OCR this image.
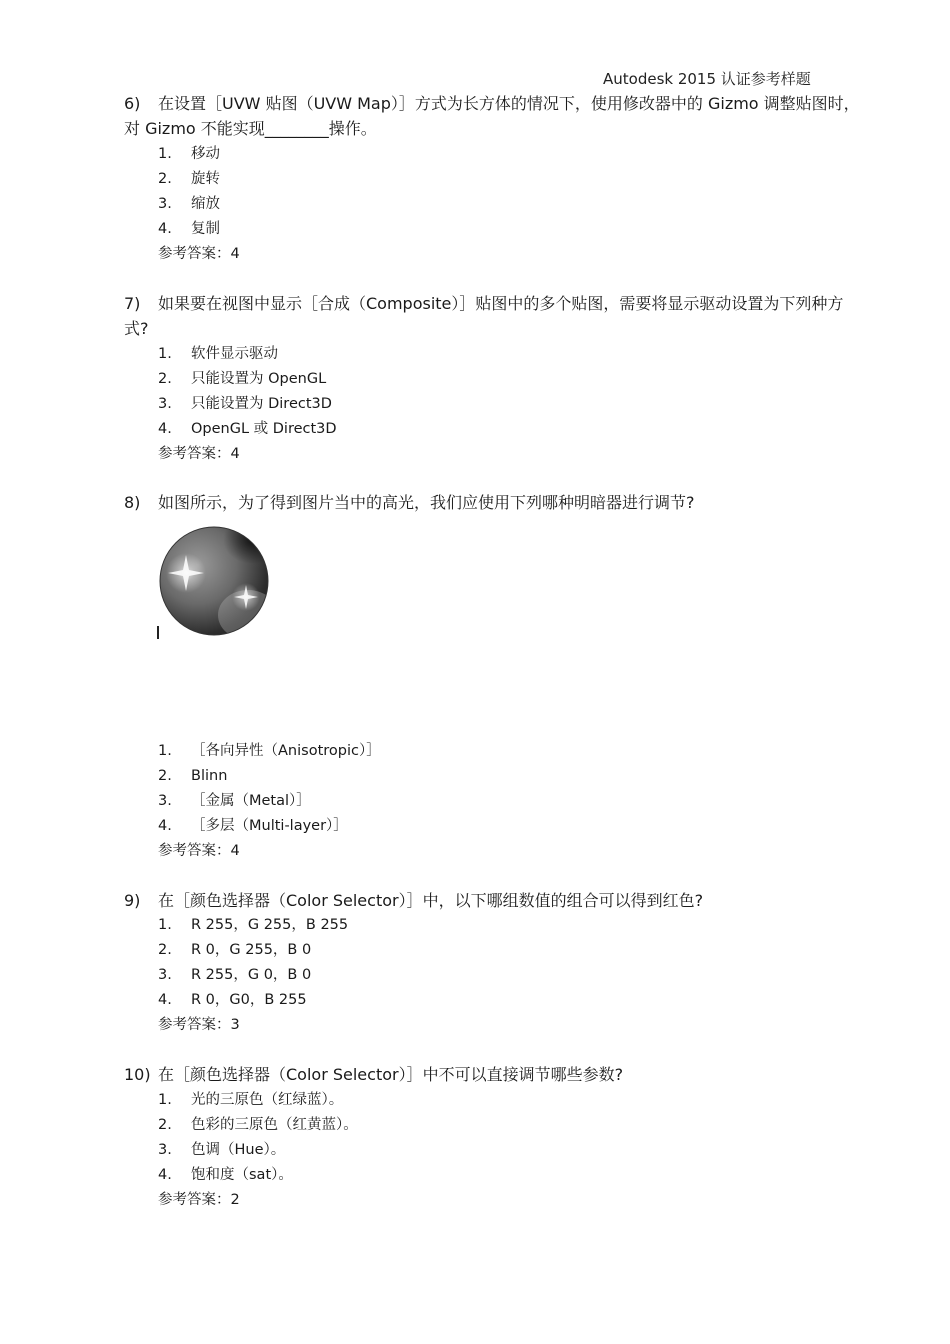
Autodesk 2015 认证参考样题
6) 在设置［UVW 贴图（UVW Map）］方式为长方体的情况下，使用修改器中的 Gizmo 调整贴图时，对 Gizmo 不能实现________操作。
1. 移动
2. 旋转
3. 缩放
4. 复制
参考答案：4
7) 如果要在视图中显示［合成（Composite）］贴图中的多个贴图，需要将显示驱动设置为下列种方式?
1. 软件显示驱动
2. 只能设置为 OpenGL
3. 只能设置为 Direct3D
4. OpenGL 或 Direct3D
参考答案：4
8) 如图所示，为了得到图片当中的高光，我们应使用下列哪种明暗器进行调节?
1. ［各向异性（Anisotropic）］
2. Blinn
3. ［金属（Metal）］
4. ［多层（Multi-layer）］
参考答案：4
9) 在［颜色选择器（Color Selector）］中，以下哪组数值的组合可以得到红色?
1. R 255，G 255，B 255
2. R 0，G 255，B 0
3. R 255，G 0，B 0
4. R 0，G0，B 255
参考答案：3
10) 在［颜色选择器（Color Selector）］中不可以直接调节哪些参数?
1. 光的三原色（红绿蓝）。
2. 色彩的三原色（红黄蓝）。
3. 色调（Hue）。
4. 饱和度（sat）。
参考答案：2
